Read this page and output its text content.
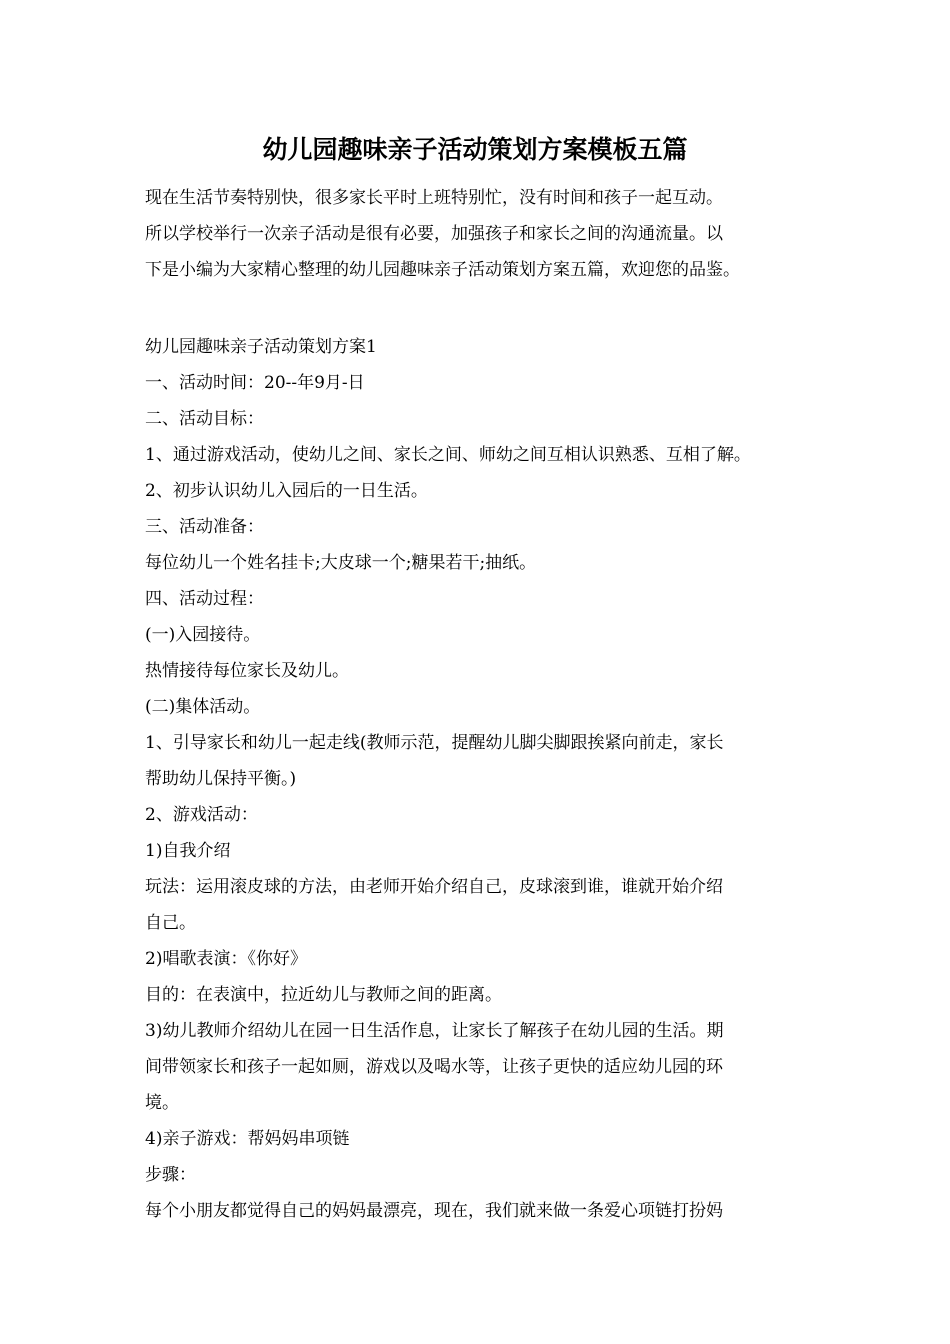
幼儿园趣味亲子活动策划方案模板五篇

现在生活节奏特别快，很多家长平时上班特别忙，没有时间和孩子一起互动。

所以学校举行一次亲子活动是很有必要，加强孩子和家长之间的沟通流量。以

下是小编为大家精心整理的幼儿园趣味亲子活动策划方案五篇，欢迎您的品鉴。

幼儿园趣味亲子活动策划方案1

一、活动时间：20--年9月-日

二、活动目标：

1、通过游戏活动，使幼儿之间、家长之间、师幼之间互相认识熟悉、互相了解。

2、初步认识幼儿入园后的一日生活。

三、活动准备：

每位幼儿一个姓名挂卡;大皮球一个;糖果若干;抽纸。

四、活动过程：

(一)入园接待。

热情接待每位家长及幼儿。

(二)集体活动。

1、引导家长和幼儿一起走线(教师示范，提醒幼儿脚尖脚跟挨紧向前走，家长

帮助幼儿保持平衡。)

2、游戏活动：

1)自我介绍

玩法：运用滚皮球的方法，由老师开始介绍自己，皮球滚到谁，谁就开始介绍

自己。

2)唱歌表演：《你好》

目的：在表演中，拉近幼儿与教师之间的距离。

3)幼儿教师介绍幼儿在园一日生活作息，让家长了解孩子在幼儿园的生活。期

间带领家长和孩子一起如厕，游戏以及喝水等，让孩子更快的适应幼儿园的环

境。

4)亲子游戏：帮妈妈串项链

步骤：

每个小朋友都觉得自己的妈妈最漂亮，现在，我们就来做一条爱心项链打扮妈
